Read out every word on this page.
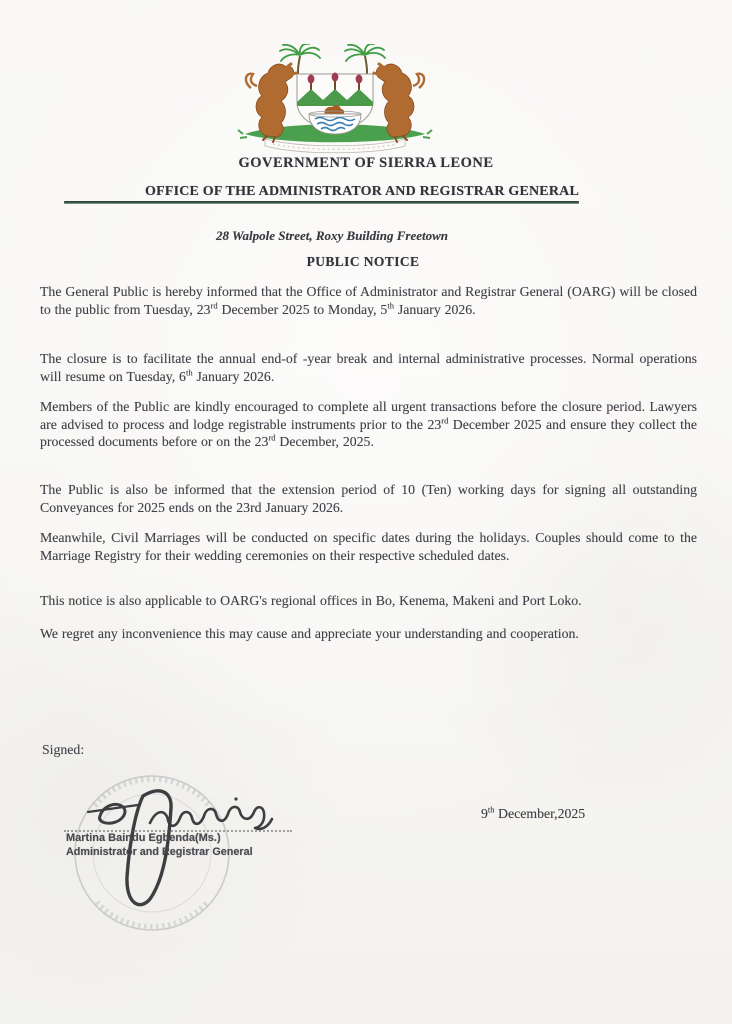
GOVERNMENT OF SIERRA LEONE
OFFICE OF THE ADMINISTRATOR AND REGISTRAR GENERAL
28 Walpole Street, Roxy Building Freetown
PUBLIC NOTICE
The General Public is hereby informed that the Office of Administrator and Registrar General (OARG) will be closed to the public from Tuesday, 23rd December 2025 to Monday, 5th January 2026.
The closure is to facilitate the annual end-of -year break and internal administrative processes. Normal operations will resume on Tuesday, 6th January 2026.
Members of the Public are kindly encouraged to complete all urgent transactions before the closure period. Lawyers are advised to process and lodge registrable instruments prior to the 23rd December 2025 and ensure they collect the processed documents before or on the 23rd December, 2025.
The Public is also be informed that the extension period of 10 (Ten) working days for signing all outstanding Conveyances for 2025 ends on the 23rd January 2026.
Meanwhile, Civil Marriages will be conducted on specific dates during the holidays. Couples should come to the Marriage Registry for their wedding ceremonies on their respective scheduled dates.
This notice is also applicable to OARG's regional offices in Bo, Kenema, Makeni and Port Loko.
We regret any inconvenience this may cause and appreciate your understanding and cooperation.
Signed:
Martina Baindu Egbenda(Ms.)
Administrator and Registrar General
9th December,2025
